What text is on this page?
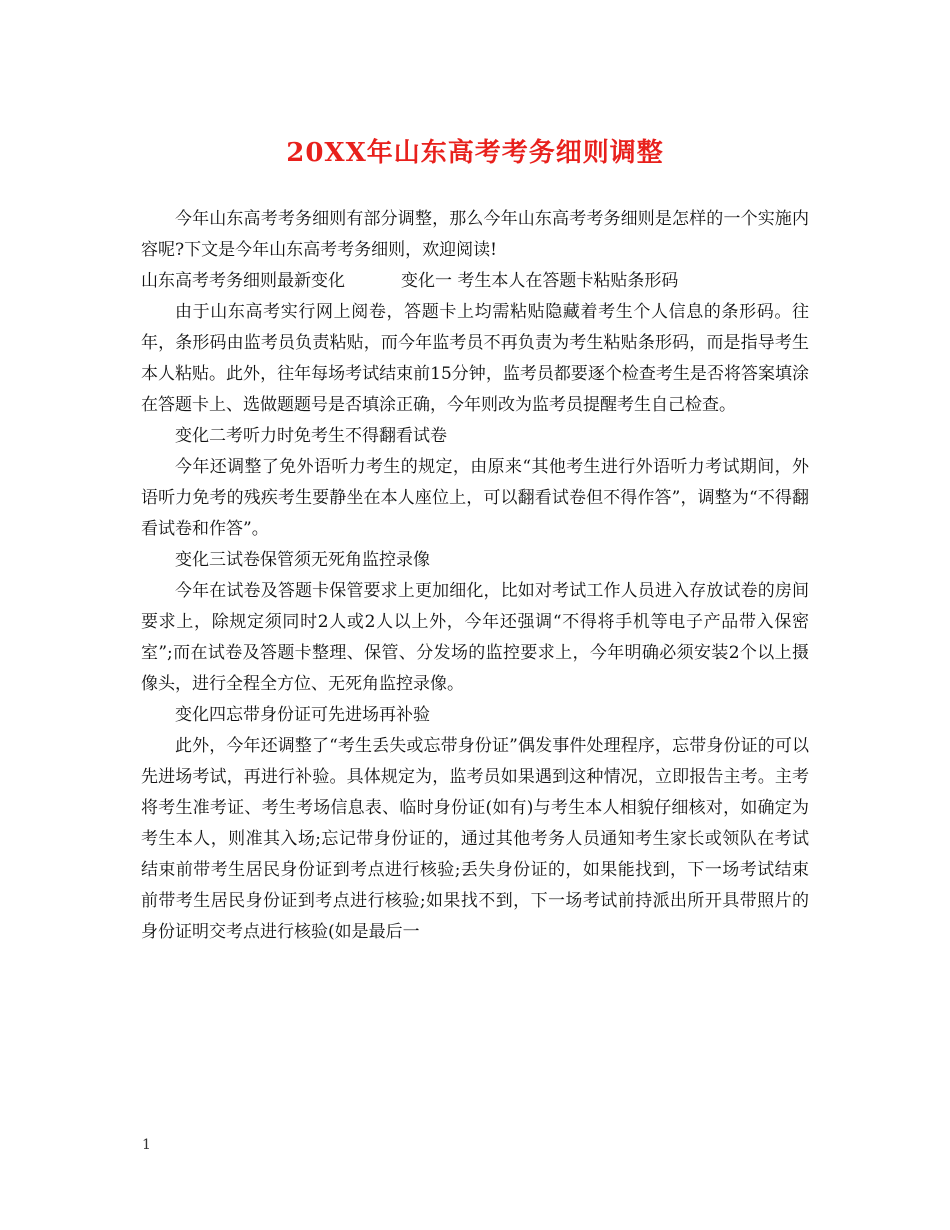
20XX年山东高考考务细则调整

今年山东高考考务细则有部分调整，那么今年山东高考考务细则是怎样的一个实施内容呢?下文是今年山东高考考务细则，欢迎阅读!

山东高考考务细则最新变化	变化一 考生本人在答题卡粘贴条形码

由于山东高考实行网上阅卷，答题卡上均需粘贴隐藏着考生个人信息的条形码。往年，条形码由监考员负责粘贴，而今年监考员不再负责为考生粘贴条形码，而是指导考生本人粘贴。此外，往年每场考试结束前15分钟，监考员都要逐个检查考生是否将答案填涂在答题卡上、选做题题号是否填涂正确，今年则改为监考员提醒考生自己检查。

变化二考听力时免考生不得翻看试卷

今年还调整了免外语听力考生的规定，由原来“其他考生进行外语听力考试期间，外语听力免考的残疾考生要静坐在本人座位上，可以翻看试卷但不得作答”，调整为“不得翻看试卷和作答”。

变化三试卷保管须无死角监控录像

今年在试卷及答题卡保管要求上更加细化，比如对考试工作人员进入存放试卷的房间要求上，除规定须同时2人或2人以上外，今年还强调“不得将手机等电子产品带入保密室”;而在试卷及答题卡整理、保管、分发场的监控要求上，今年明确必须安装2个以上摄像头，进行全程全方位、无死角监控录像。

变化四忘带身份证可先进场再补验

此外，今年还调整了“考生丢失或忘带身份证”偶发事件处理程序，忘带身份证的可以先进场考试，再进行补验。具体规定为，监考员如果遇到这种情况，立即报告主考。主考将考生准考证、考生考场信息表、临时身份证(如有)与考生本人相貌仔细核对，如确定为考生本人，则准其入场;忘记带身份证的，通过其他考务人员通知考生家长或领队在考试结束前带考生居民身份证到考点进行核验;丢失身份证的，如果能找到，下一场考试结束前带考生居民身份证到考点进行核验;如果找不到，下一场考试前持派出所开具带照片的身份证明交考点进行核验(如是最后一

1
